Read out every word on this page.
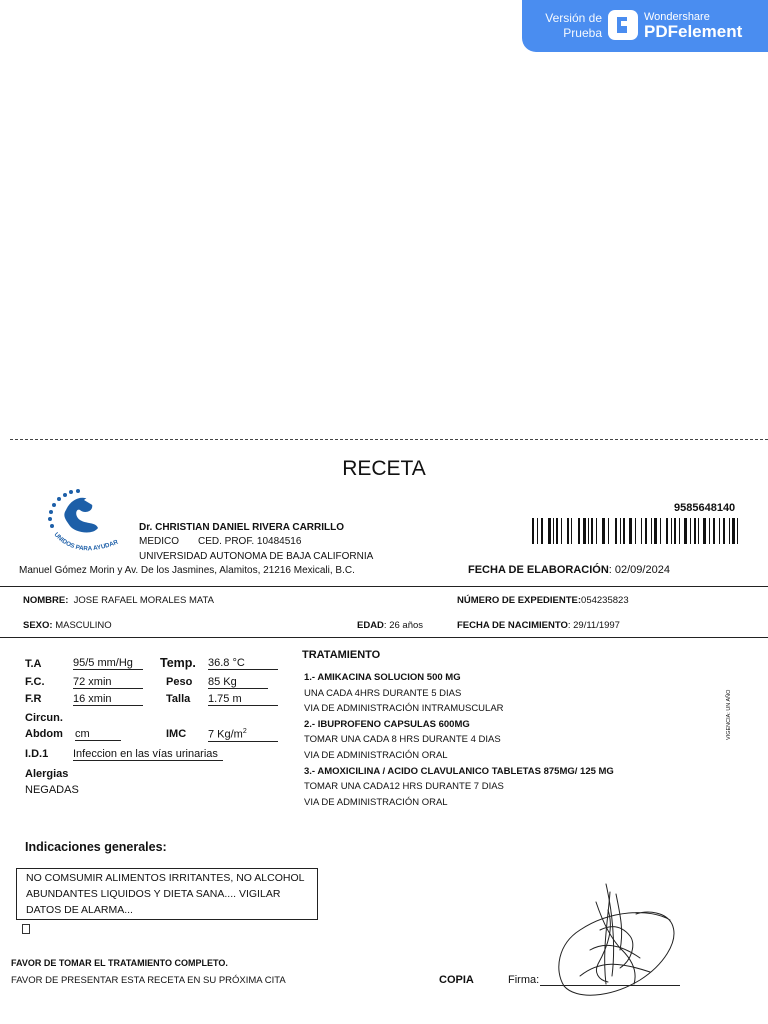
Versión de
Prueba
Wondershare
PDFelement
RECETA
UNIDOS PARA AYUDAR
Dr. CHRISTIAN DANIEL RIVERA CARRILLO
MEDICO CED. PROF. 10484516
UNIVERSIDAD AUTONOMA DE BAJA CALIFORNIA
Manuel Gómez Morin y Av. De los Jasmines, Alamitos, 21216 Mexicali, B.C.
9585648140
FECHA DE ELABORACIÓN: 02/09/2024
NOMBRE: JOSE RAFAEL MORALES MATA	NÚMERO DE EXPEDIENTE:054235823
SEXO: MASCULINO	EDAD: 26 años	FECHA DE NACIMIENTO: 29/11/1997
T.A	95/5 mm/Hg	Temp. 36.8 °C
F.C.	72 xmin	Peso 85 Kg
F.R	16 xmin	Talla 1.75 m
Circun.
Abdom cm	IMC 7 $Kg/m^2$
I.D.1 Infeccion en las vías urinarias
Alergias
NEGADAS
TRATAMIENTO
1.- AMIKACINA SOLUCION 500 MG
UNA CADA 4HRS DURANTE 5 DIAS
VIA DE ADMINISTRACIÓN INTRAMUSCULAR
2.- IBUPROFENO CAPSULAS 600MG
TOMAR UNA CADA 8 HRS DURANTE 4 DIAS
VIA DE ADMINISTRACIÓN ORAL
3.- AMOXICILINA / ACIDO CLAVULANICO TABLETAS 875MG/ 125 MG
TOMAR UNA CADA12 HRS DURANTE 7 DIAS
VIA DE ADMINISTRACIÓN ORAL
VIGENCIA: UN AÑO
Indicaciones generales:
NO COMSUMIR ALIMENTOS IRRITANTES, NO ALCOHOL ABUNDANTES LIQUIDOS Y DIETA SANA.... VIGILAR DATOS DE ALARMA...
FAVOR DE TOMAR EL TRATAMIENTO COMPLETO.
FAVOR DE PRESENTAR ESTA RECETA EN SU PRÓXIMA CITA	COPIA	Firma:
